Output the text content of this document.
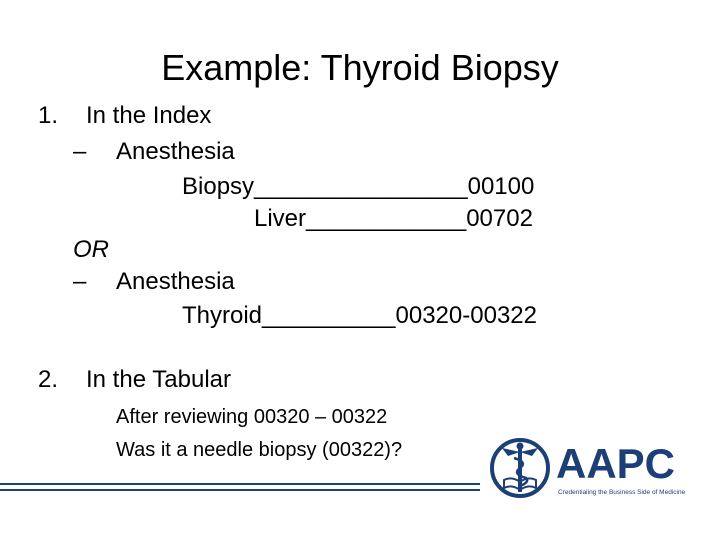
Example: Thyroid Biopsy
1. In the Index
– Anesthesia
Biopsy________________00100
Liver____________00702
OR
– Anesthesia
Thyroid__________00320-00322
2. In the Tabular
After reviewing 00320 – 00322
Was it a needle biopsy (00322)?	AAPC
Credentialing the Business Side of Medicine
